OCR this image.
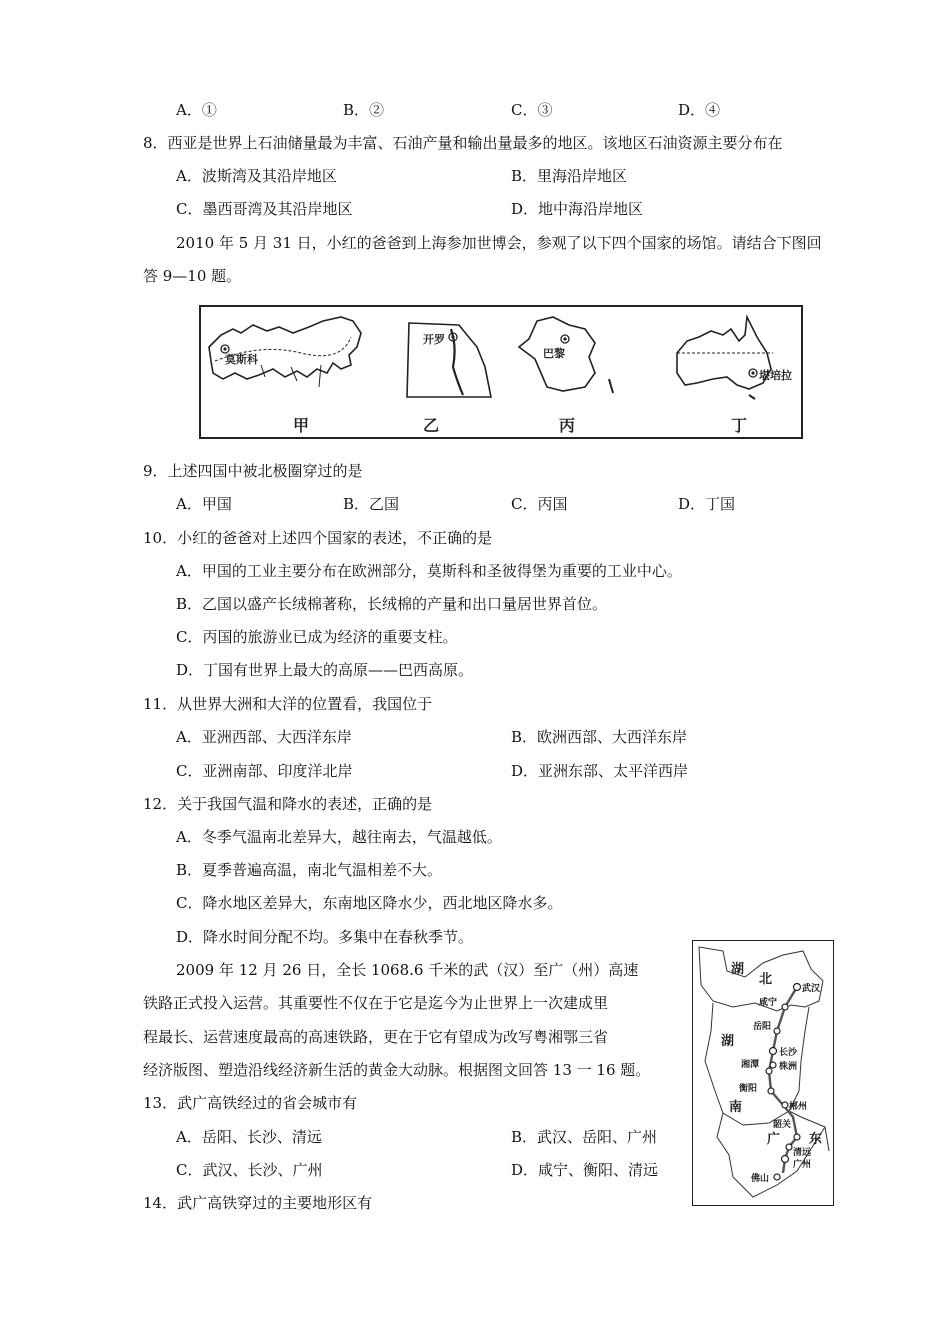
A．①	B．②	C．③	D．④
8．西亚是世界上石油储量最为丰富、石油产量和输出量最多的地区。该地区石油资源主要分布在
A．波斯湾及其沿岸地区	B．里海沿岸地区
C．墨西哥湾及其沿岸地区	D．地中海沿岸地区
2010 年 5 月 31 日，小红的爸爸到上海参加世博会，参观了以下四个国家的场馆。请结合下图回
答 9—10 题。
莫斯科
甲
开罗
乙
巴黎
丙
堪培拉
丁
9．上述四国中被北极圈穿过的是
A．甲国	B．乙国	C．丙国	D．丁国
10．小红的爸爸对上述四个国家的表述，不正确的是
A．甲国的工业主要分布在欧洲部分，莫斯科和圣彼得堡为重要的工业中心。
B．乙国以盛产长绒棉著称，长绒棉的产量和出口量居世界首位。
C．丙国的旅游业已成为经济的重要支柱。
D．丁国有世界上最大的高原——巴西高原。
11．从世界大洲和大洋的位置看，我国位于
A．亚洲西部、大西洋东岸	B．欧洲西部、大西洋东岸
C．亚洲南部、印度洋北岸	D．亚洲东部、太平洋西岸
12．关于我国气温和降水的表述，正确的是
A．冬季气温南北差异大，越往南去，气温越低。
B．夏季普遍高温，南北气温相差不大。
C．降水地区差异大，东南地区降水少，西北地区降水多。
D．降水时间分配不均。多集中在春秋季节。
2009 年 12 月 26 日，全长 1068.6 千米的武（汉）至广（州）高速
铁路正式投入运营。其重要性不仅在于它是迄今为止世界上一次建成里
程最长、运营速度最高的高速铁路，更在于它有望成为改写粤湘鄂三省
经济版图、塑造沿线经济新生活的黄金大动脉。根据图文回答 13 一 16 题。
湖
北
湖
南
广 东
武汉
咸宁
岳阳
长沙
株洲
湘潭
衡阳
郴州
韶关
清远
广州
佛山
13．武广高铁经过的省会城市有
A．岳阳、长沙、清远	B．武汉、岳阳、广州
C．武汉、长沙、广州	D．咸宁、衡阳、清远
14．武广高铁穿过的主要地形区有
